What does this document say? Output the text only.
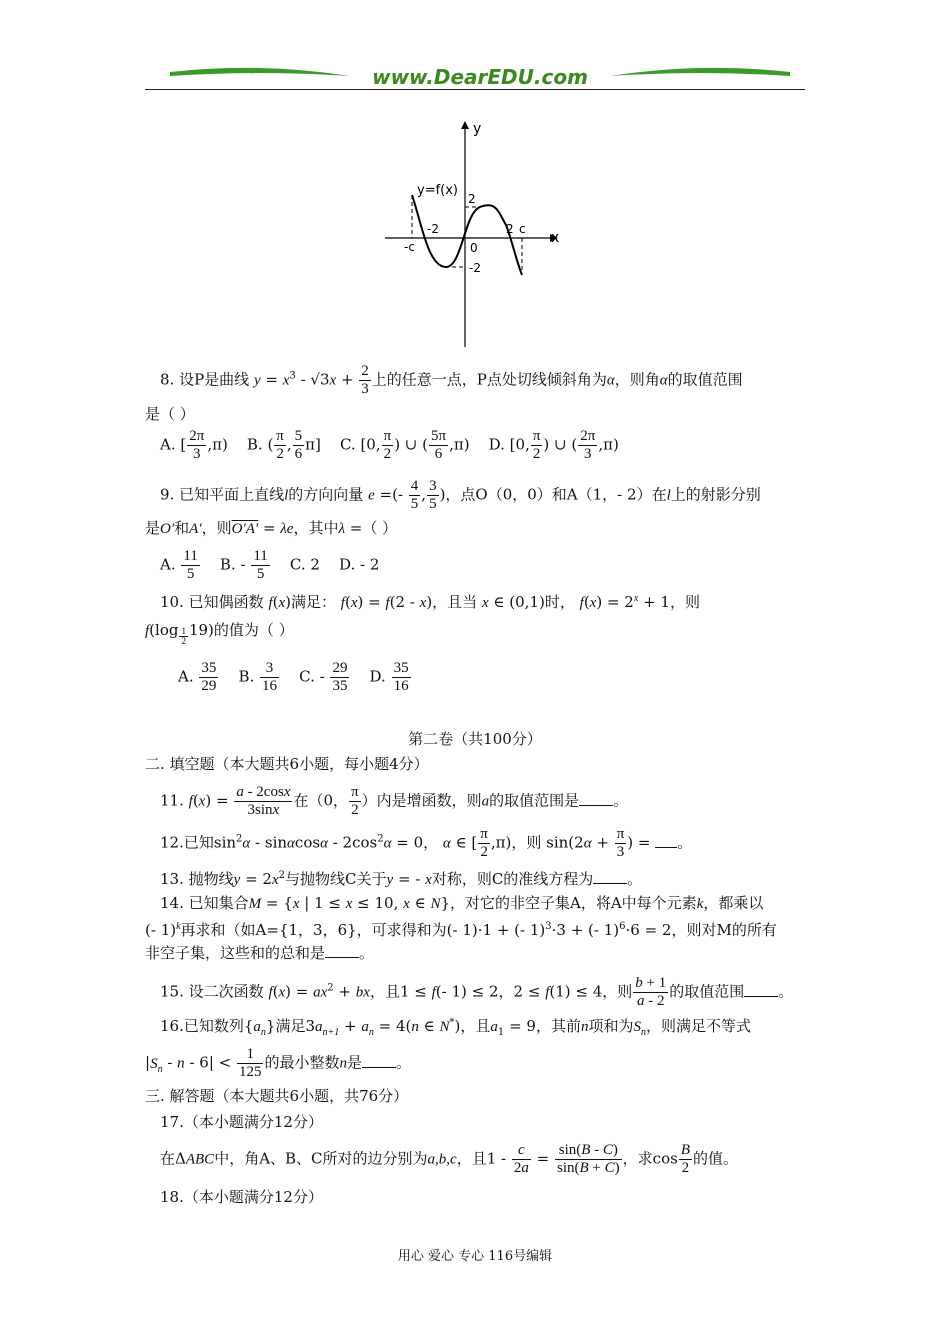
www.DearEDU.com
y
x
y=f(x)
-c
-2
0
2 c
2
-2
8. 设P是曲线 $y = x^3 - √3x + \frac{2}{3}$ 上的任意一点，P点处切线倾斜角为α，则角α的取值范围
是（ ）
A. [ $\frac{2\pi}{3} ,\pi$)    B. ( $\frac{\pi}{2}$ , $\frac{5}{6} \pi$]    C. [0, $\frac{\pi}{2}$ ) ∪ ( $\frac{5\pi}{6} ,\pi$)    D. [0, $\frac{\pi}{2}$ ) ∪ ( $\frac{2\pi}{3} ,\pi$)
9. 已知平面上直线l的方向向量 e =(- $\frac{4}{5}$ , $\frac{3}{5}$ )，点O（0，0）和A（1，- 2）在l上的射影分别
是O′和A′，则O′A′ = λe，其中λ =（ ）
A. $\frac{11}{5} B$. - $\frac{11}{5} C$. 2 D. - 2
10. 已知偶函数 f(x)满足： f(x) = f(2 - x)，且当 x ∈ (0,1)时， $f(x) = 2^x + 1$，则
f(log $_{\frac{1}{2}}$ 19)的值为（ ）
A. $\frac{35}{29} B$. $\frac{3}{16} C$. - $\frac{29}{35} D$. $\frac{35}{16}$
第二卷（共100分）
二. 填空题（本大题共6小题，每小题4分）
11. $f(x) = \frac{a - 2\cos x}{3\sin x}$ 在（0， $\frac{\pi}{2}$ ）内是增函数，则a的取值范围是 。
12.已知$\sin^2\alpha - \sin\alpha\cos\alpha - 2\cos^2\alpha = 0$， α ∈ [ $\frac{\pi}{2} ,\pi$)，则 $\sin(2\alpha + \frac{\pi}{3}$ ) = 。
13. 抛物线$y = 2x^2$与抛物线C关于y = - x对称，则C的准线方程为 。
14. 已知集合M = {x | 1 ≤ x ≤ 10, x ∈ N}，对它的非空子集A，将A中每个元素k，都乘以
(- 1)$^k$再求和（如A={1，3，6}，可求得和为(- 1)·1 + (- 1)$^3$·3 + (- 1)$^6$·6 = 2，则对M的所有
非空子集，这些和的总和是 。
15. 设二次函数 $f(x) = ax^2$ + bx，且1 ≤ f(- 1) ≤ 2，2 ≤ f(1) ≤ 4，则 $\frac{b + 1}{a - 2}$ 的取值范围 。
16.已知数列$\{a_n\}$满足$3a_{n+1} + a_n = 4(n$ ∈ N*)，且$a_1 = 9$，其前n项和为$S_n$，则满足不等式
$|S_n - n - 6| < \frac{1}{125}$ 的最小整数n是 。
三. 解答题（本大题共6小题，共76分）
17.（本小题满分12分）
在ΔABC中，角A、B、C所对的边分别为a,b,c，且$1 - \frac{c}{2a} = \frac{\sin(B - C)}{\sin(B + C)}$ ，求$\cos \frac{B}{2}$ 的值。
18.（本小题满分12分）
用心 爱心 专心 116号编辑
